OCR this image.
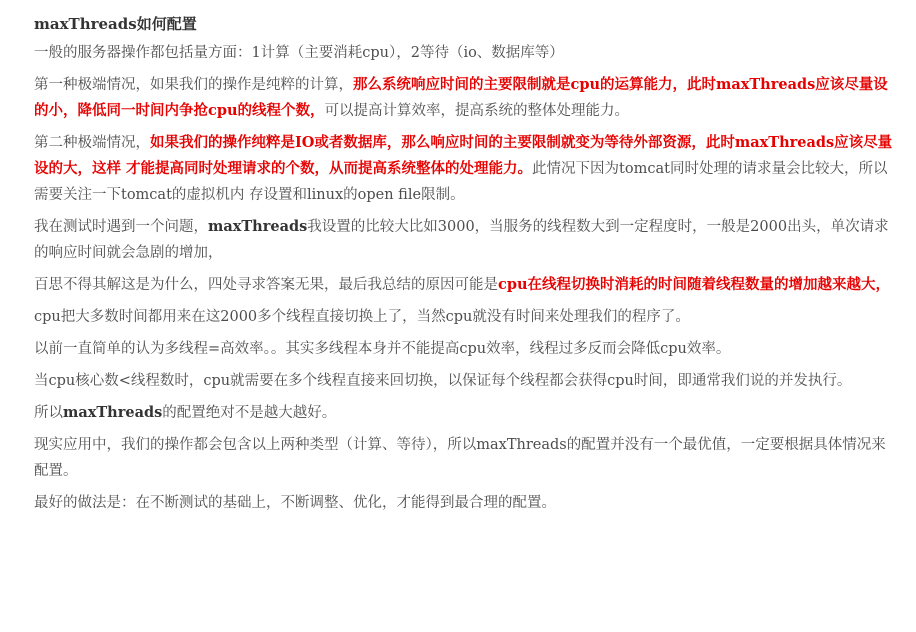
maxThreads如何配置
一般的服务器操作都包括量方面：1计算（主要消耗cpu），2等待（io、数据库等）
第一种极端情况，如果我们的操作是纯粹的计算，那么系统响应时间的主要限制就是cpu的运算能力，此时maxThreads应该尽量设的小，降低同一时间内争抢cpu的线程个数，可以提高计算效率，提高系统的整体处理能力。
第二种极端情况，如果我们的操作纯粹是IO或者数据库，那么响应时间的主要限制就变为等待外部资源，此时maxThreads应该尽量设的大，这样 才能提高同时处理请求的个数，从而提高系统整体的处理能力。此情况下因为tomcat同时处理的请求量会比较大，所以需要关注一下tomcat的虚拟机内 存设置和linux的open file限制。
我在测试时遇到一个问题，maxThreads我设置的比较大比如3000，当服务的线程数大到一定程度时，一般是2000出头，单次请求的响应时间就会急剧的增加，
百思不得其解这是为什么，四处寻求答案无果，最后我总结的原因可能是cpu在线程切换时消耗的时间随着线程数量的增加越来越大，
cpu把大多数时间都用来在这2000多个线程直接切换上了，当然cpu就没有时间来处理我们的程序了。
以前一直简单的认为多线程=高效率。。其实多线程本身并不能提高cpu效率，线程过多反而会降低cpu效率。
当cpu核心数<线程数时，cpu就需要在多个线程直接来回切换，以保证每个线程都会获得cpu时间，即通常我们说的并发执行。
所以maxThreads的配置绝对不是越大越好。
现实应用中，我们的操作都会包含以上两种类型（计算、等待），所以maxThreads的配置并没有一个最优值，一定要根据具体情况来配置。
最好的做法是：在不断测试的基础上，不断调整、优化，才能得到最合理的配置。
